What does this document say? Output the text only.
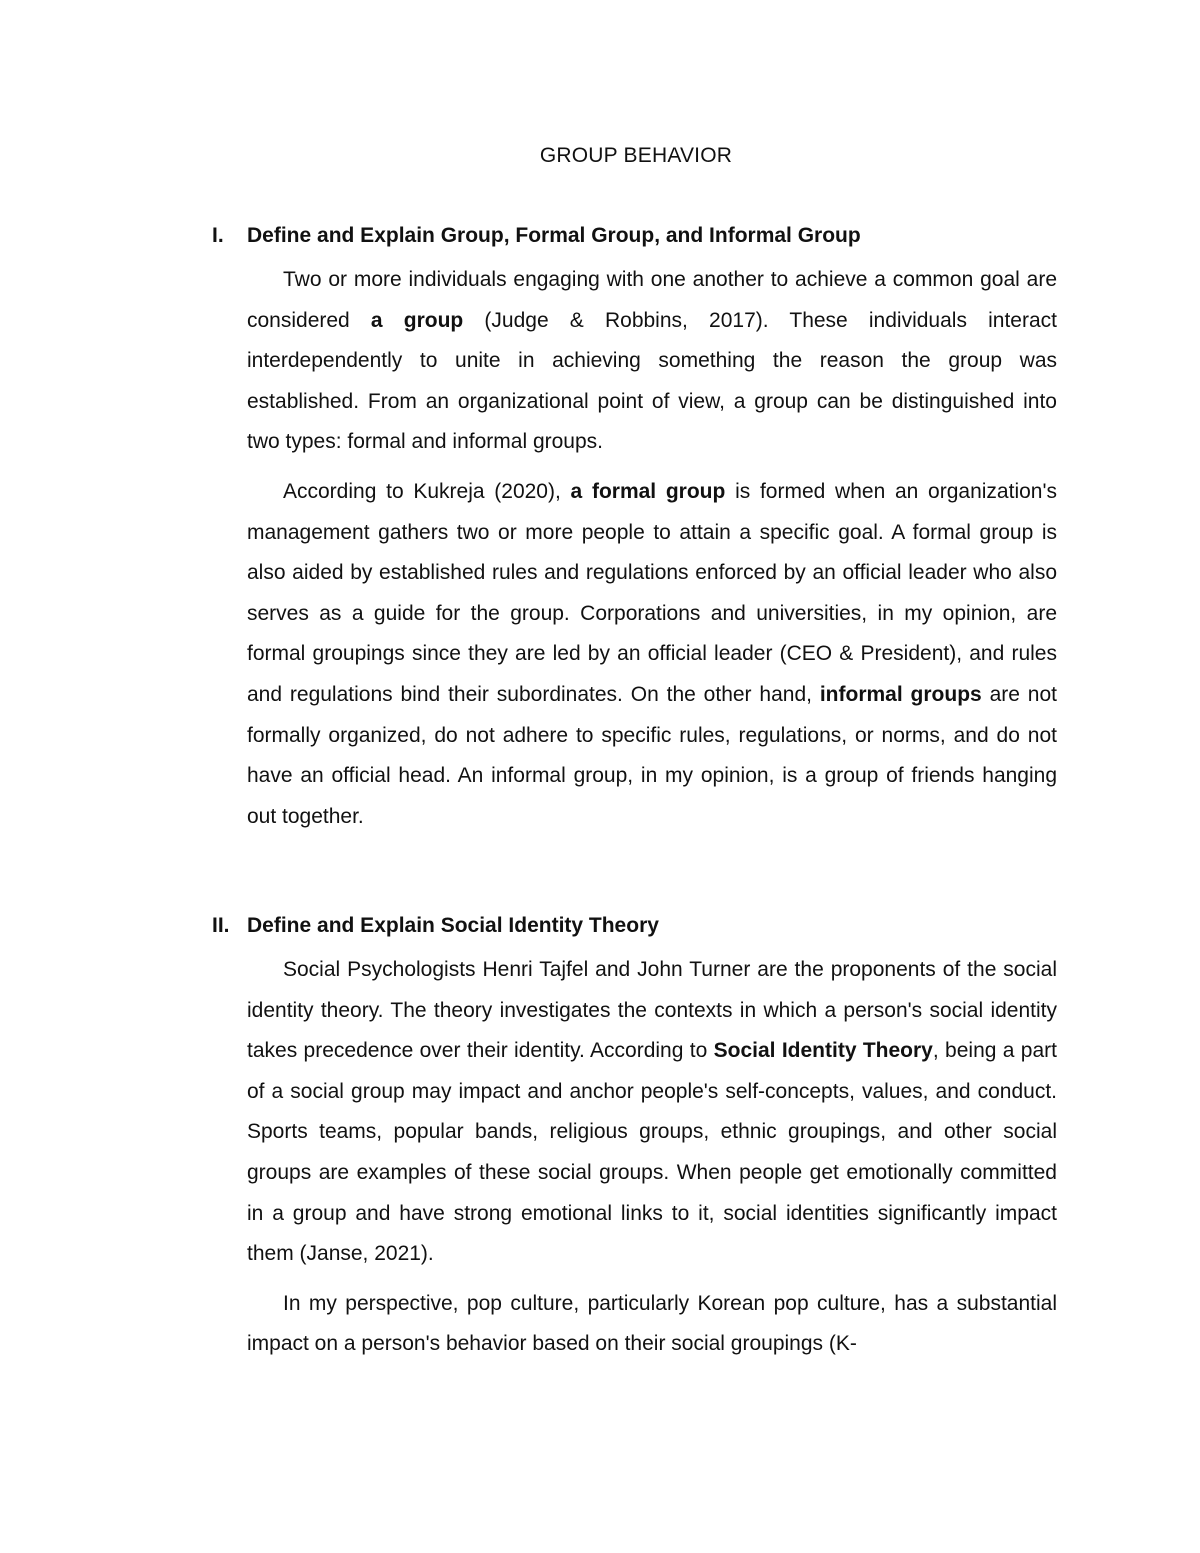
GROUP BEHAVIOR
I. Define and Explain Group, Formal Group, and Informal Group

Two or more individuals engaging with one another to achieve a common goal are considered a group (Judge & Robbins, 2017). These individuals interact interdependently to unite in achieving something the reason the group was established. From an organizational point of view, a group can be distinguished into two types: formal and informal groups.

According to Kukreja (2020), a formal group is formed when an organization's management gathers two or more people to attain a specific goal. A formal group is also aided by established rules and regulations enforced by an official leader who also serves as a guide for the group. Corporations and universities, in my opinion, are formal groupings since they are led by an official leader (CEO & President), and rules and regulations bind their subordinates. On the other hand, informal groups are not formally organized, do not adhere to specific rules, regulations, or norms, and do not have an official head. An informal group, in my opinion, is a group of friends hanging out together.

II. Define and Explain Social Identity Theory

Social Psychologists Henri Tajfel and John Turner are the proponents of the social identity theory. The theory investigates the contexts in which a person's social identity takes precedence over their identity. According to Social Identity Theory, being a part of a social group may impact and anchor people's self-concepts, values, and conduct. Sports teams, popular bands, religious groups, ethnic groupings, and other social groups are examples of these social groups. When people get emotionally committed in a group and have strong emotional links to it, social identities significantly impact them (Janse, 2021).

In my perspective, pop culture, particularly Korean pop culture, has a substantial impact on a person's behavior based on their social groupings (K-
